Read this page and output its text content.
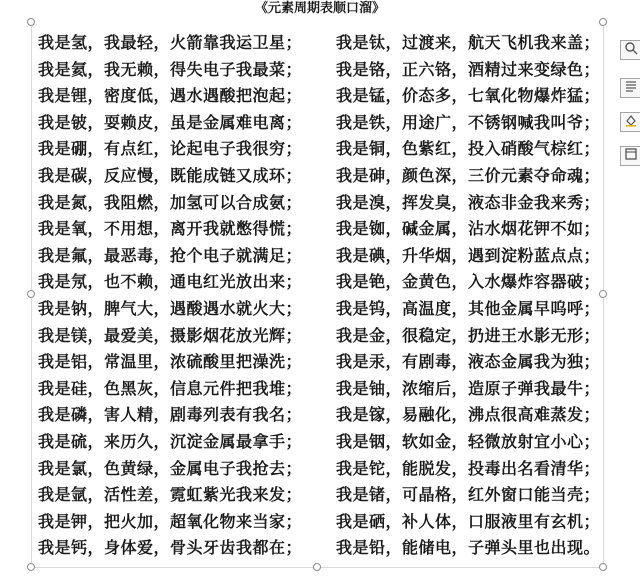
《元素周期表顺口溜》
我是氢，我最轻，火箭靠我运卫星；
我是氦，我无赖，得失电子我最菜；
我是锂，密度低，遇水遇酸把泡起；
我是铍，耍赖皮，虽是金属难电离；
我是硼，有点红，论起电子我很穷；
我是碳，反应慢，既能成链又成环；
我是氮，我阻燃，加氢可以合成氨；
我是氧，不用想，离开我就憋得慌；
我是氟，最恶毒，抢个电子就满足；
我是氖，也不赖，通电红光放出来；
我是钠，脾气大，遇酸遇水就火大；
我是镁，最爱美，摄影烟花放光辉；
我是铝，常温里，浓硫酸里把澡洗；
我是硅，色黑灰，信息元件把我堆；
我是磷，害人精，剧毒列表有我名；
我是硫，来历久，沉淀金属最拿手；
我是氯，色黄绿，金属电子我抢去；
我是氩，活性差，霓虹紫光我来发；
我是钾，把火加，超氧化物来当家；
我是钙，身体爱，骨头牙齿我都在；
我是钛，过渡来，航天飞机我来盖；
我是铬，正六铬，酒精过来变绿色；
我是锰，价态多，七氧化物爆炸猛；
我是铁，用途广，不锈钢喊我叫爷；
我是铜，色紫红，投入硝酸气棕红；
我是砷，颜色深，三价元素夺命魂；
我是溴，挥发臭，液态非金我来秀；
我是铷，碱金属，沾水烟花钾不如；
我是碘，升华烟，遇到淀粉蓝点点；
我是铯，金黄色，入水爆炸容器破；
我是钨，高温度，其他金属早呜呼；
我是金，很稳定，扔进王水影无形；
我是汞，有剧毒，液态金属我为独；
我是铀，浓缩后，造原子弹我最牛；
我是镓，易融化，沸点很高难蒸发；
我是铟，软如金，轻微放射宜小心；
我是铊，能脱发，投毒出名看清华；
我是锗，可晶格，红外窗口能当壳；
我是硒，补人体，口服液里有玄机；
我是铅，能储电，子弹头里也出现。
